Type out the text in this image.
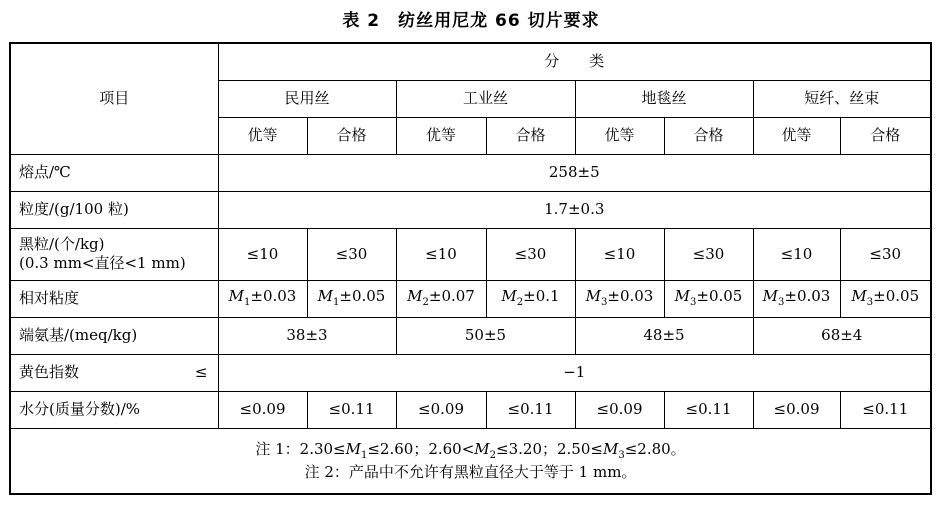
表 2　纺丝用尼龙 66 切片要求
项目	分　　类							
	民用丝		工业丝		地毯丝		短纤、丝束	
	优等	合格	优等	合格	优等	合格	优等	合格
熔点/℃	258±5							
粒度/(g/100 粒)	1.7±0.3							

黑粒/(个/kg)
(0.3 mm<直径<1 mm)	≤10	≤30	≤10	≤30	≤10	≤30	≤10	≤30
相对粘度	$M_1\pm 0.03$	$M_1\pm 0.05$	$M_2\pm 0.07$	$M_2\pm 0.1$	$M_3\pm 0.03$	$M_3\pm 0.05$	$M_3\pm 0.03$	$M_3\pm 0.05$
端氨基/(meq/kg)	38±3		50±5		48±5		68±4	

黄色指数 ≤	−1							
水分(质量分数)/%	≤0.09	≤0.11	≤0.09	≤0.11	≤0.09	≤0.11	≤0.09	≤0.11

注 1：$2.30\le M_1\le 2.60$；$2.60<M_2\le 3.20$；$2.50\le M_3\le 2.80$。
注 2：产品中不允许有黑粒直径大于等于 1 mm。								
